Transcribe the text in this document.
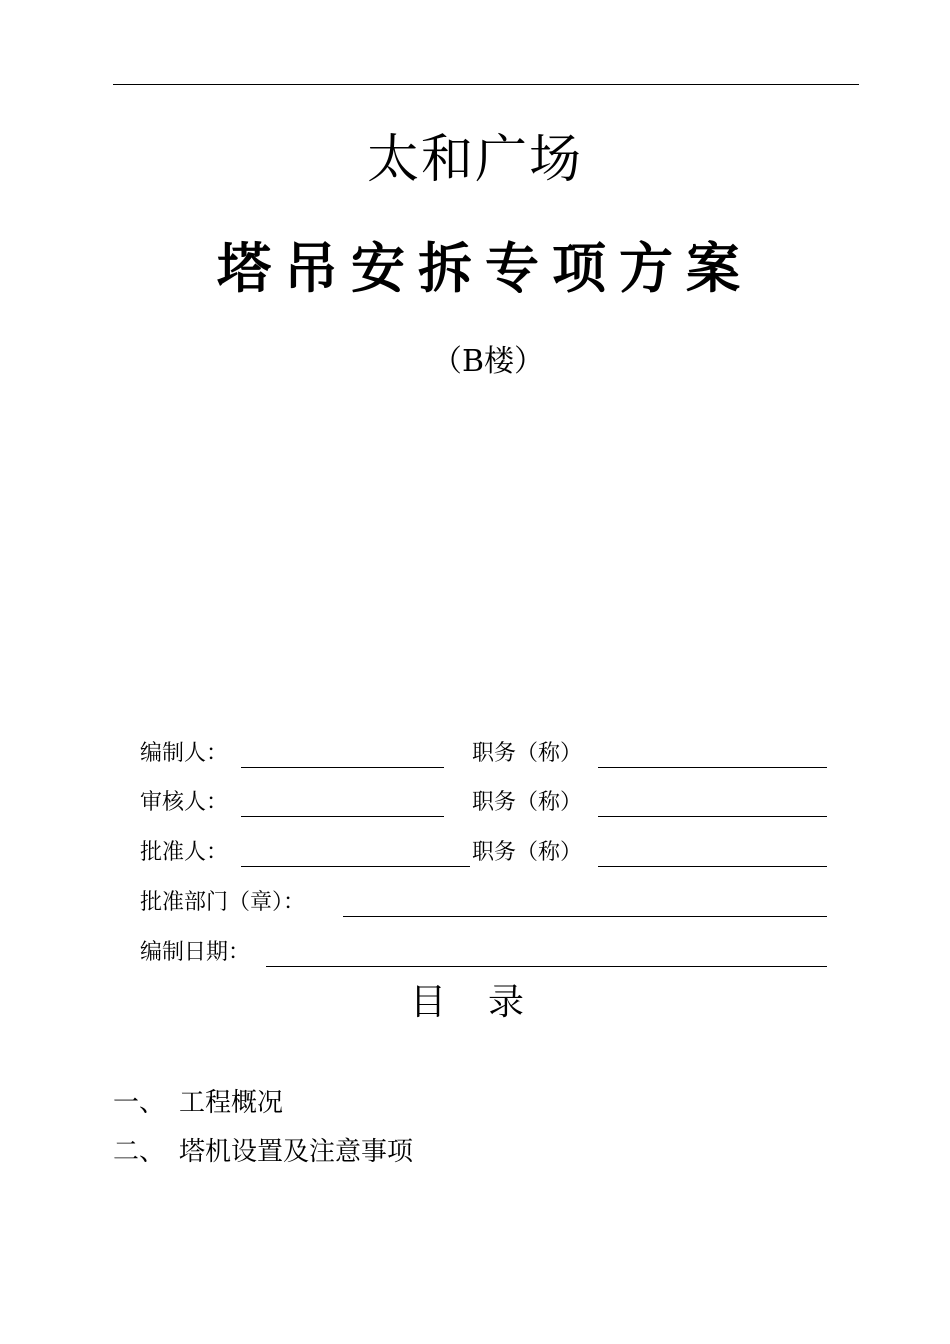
太和广场
塔吊安拆专项方案
（B楼）
编制人：	职务（称）
审核人：	职务（称）
批准人：	职务（称）
批准部门（章）：
编制日期：
目录
一、 工程概况
二、 塔机设置及注意事项
